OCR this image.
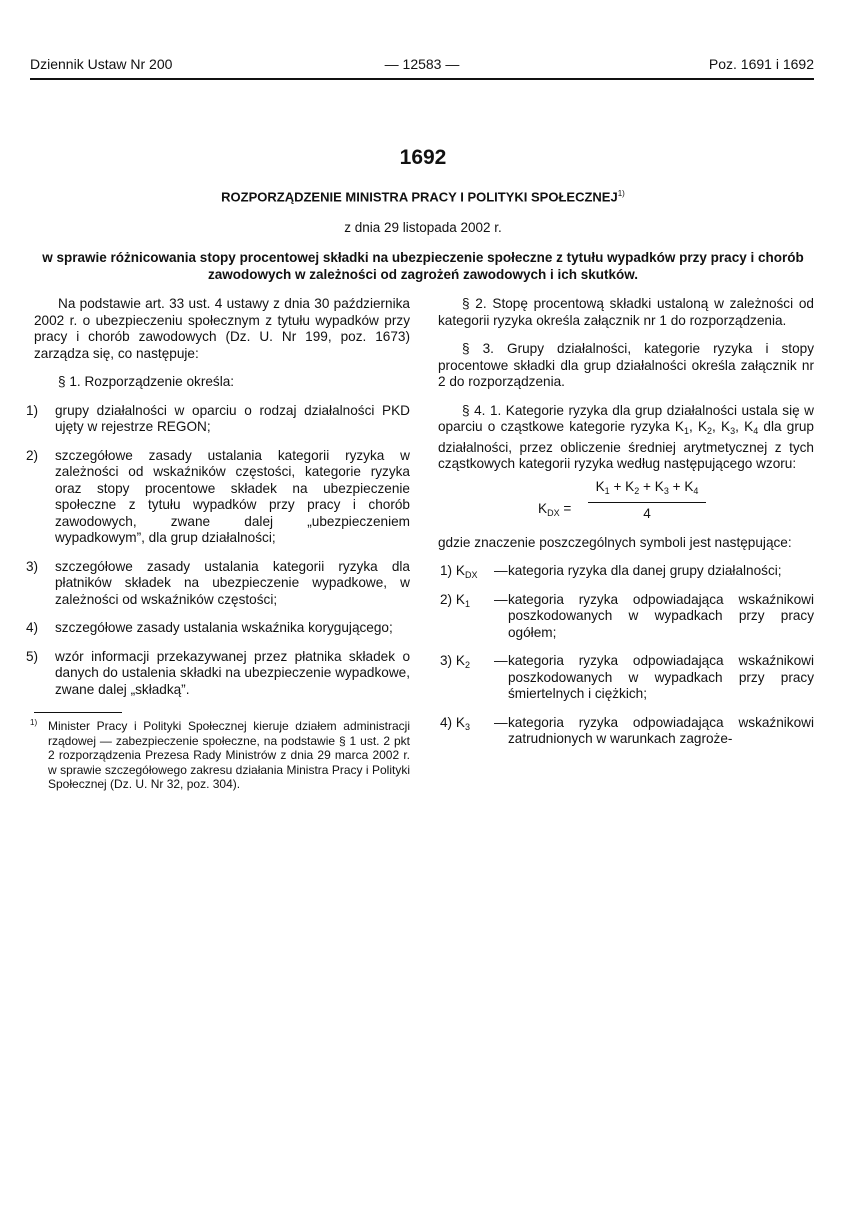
Dziennik Ustaw Nr 200	— 12583 —	Poz. 1691 i 1692
1692
ROZPORZĄDZENIE MINISTRA PRACY I POLITYKI SPOŁECZNEJ$^{1)}$
z dnia 29 listopada 2002 r.
w sprawie różnicowania stopy procentowej składki na ubezpieczenie społeczne z tytułu wypadków przy pracy i chorób zawodowych w zależności od zagrożeń zawodowych i ich skutków.

Na podstawie art. 33 ust. 4 ustawy z dnia 30 października 2002 r. o ubezpieczeniu społecznym z tytułu wypadków przy pracy i chorób zawodowych (Dz. U. Nr 199, poz. 1673) zarządza się, co następuje:

§ 1. Rozporządzenie określa:

1) grupy działalności w oparciu o rodzaj działalności PKD ujęty w rejestrze REGON;
2) szczegółowe zasady ustalania kategorii ryzyka w zależności od wskaźników częstości, kategorie ryzyka oraz stopy procentowe składek na ubezpieczenie społeczne z tytułu wypadków przy pracy i chorób zawodowych, zwane dalej „ubezpieczeniem wypadkowym”, dla grup działalności;
3) szczegółowe zasady ustalania kategorii ryzyka dla płatników składek na ubezpieczenie wypadkowe, w zależności od wskaźników częstości;
4) szczegółowe zasady ustalania wskaźnika korygującego;
5) wzór informacji przekazywanej przez płatnika składek o danych do ustalenia składki na ubezpieczenie wypadkowe, zwane dalej „składką”.
1) Minister Pracy i Polityki Społecznej kieruje działem administracji rządowej — zabezpieczenie społeczne, na podstawie § 1 ust. 2 pkt 2 rozporządzenia Prezesa Rady Ministrów z dnia 29 marca 2002 r. w sprawie szczegółowego zakresu działania Ministra Pracy i Polityki Społecznej (Dz. U. Nr 32, poz. 304).

§ 2. Stopę procentową składki ustaloną w zależności od kategorii ryzyka określa załącznik nr 1 do rozporządzenia.

§ 3. Grupy działalności, kategorie ryzyka i stopy procentowe składki dla grup działalności określa załącznik nr 2 do rozporządzenia.

§ 4. 1. Kategorie ryzyka dla grup działalności ustala się w oparciu o cząstkowe kategorie ryzyka $K_1$, $K_2$, $K_3$, $K_4$ dla grup działalności, przez obliczenie średniej arytmetycznej z tych cząstkowych kategorii ryzyka według następującego wzoru:

$K_{DX} = \frac{K_1 + K_2 + K_3 + K_4}{4}$

gdzie znaczenie poszczególnych symboli jest następujące:

1) $K_{DX}$ — kategoria ryzyka dla danej grupy działalności;
2) $K_1$ — kategoria ryzyka odpowiadająca wskaźnikowi poszkodowanych w wypadkach przy pracy ogółem;
3) $K_2$ — kategoria ryzyka odpowiadająca wskaźnikowi poszkodowanych w wypadkach przy pracy śmiertelnych i ciężkich;
4) $K_3$ — kategoria ryzyka odpowiadająca wskaźnikowi zatrudnionych w warunkach zagroże-
